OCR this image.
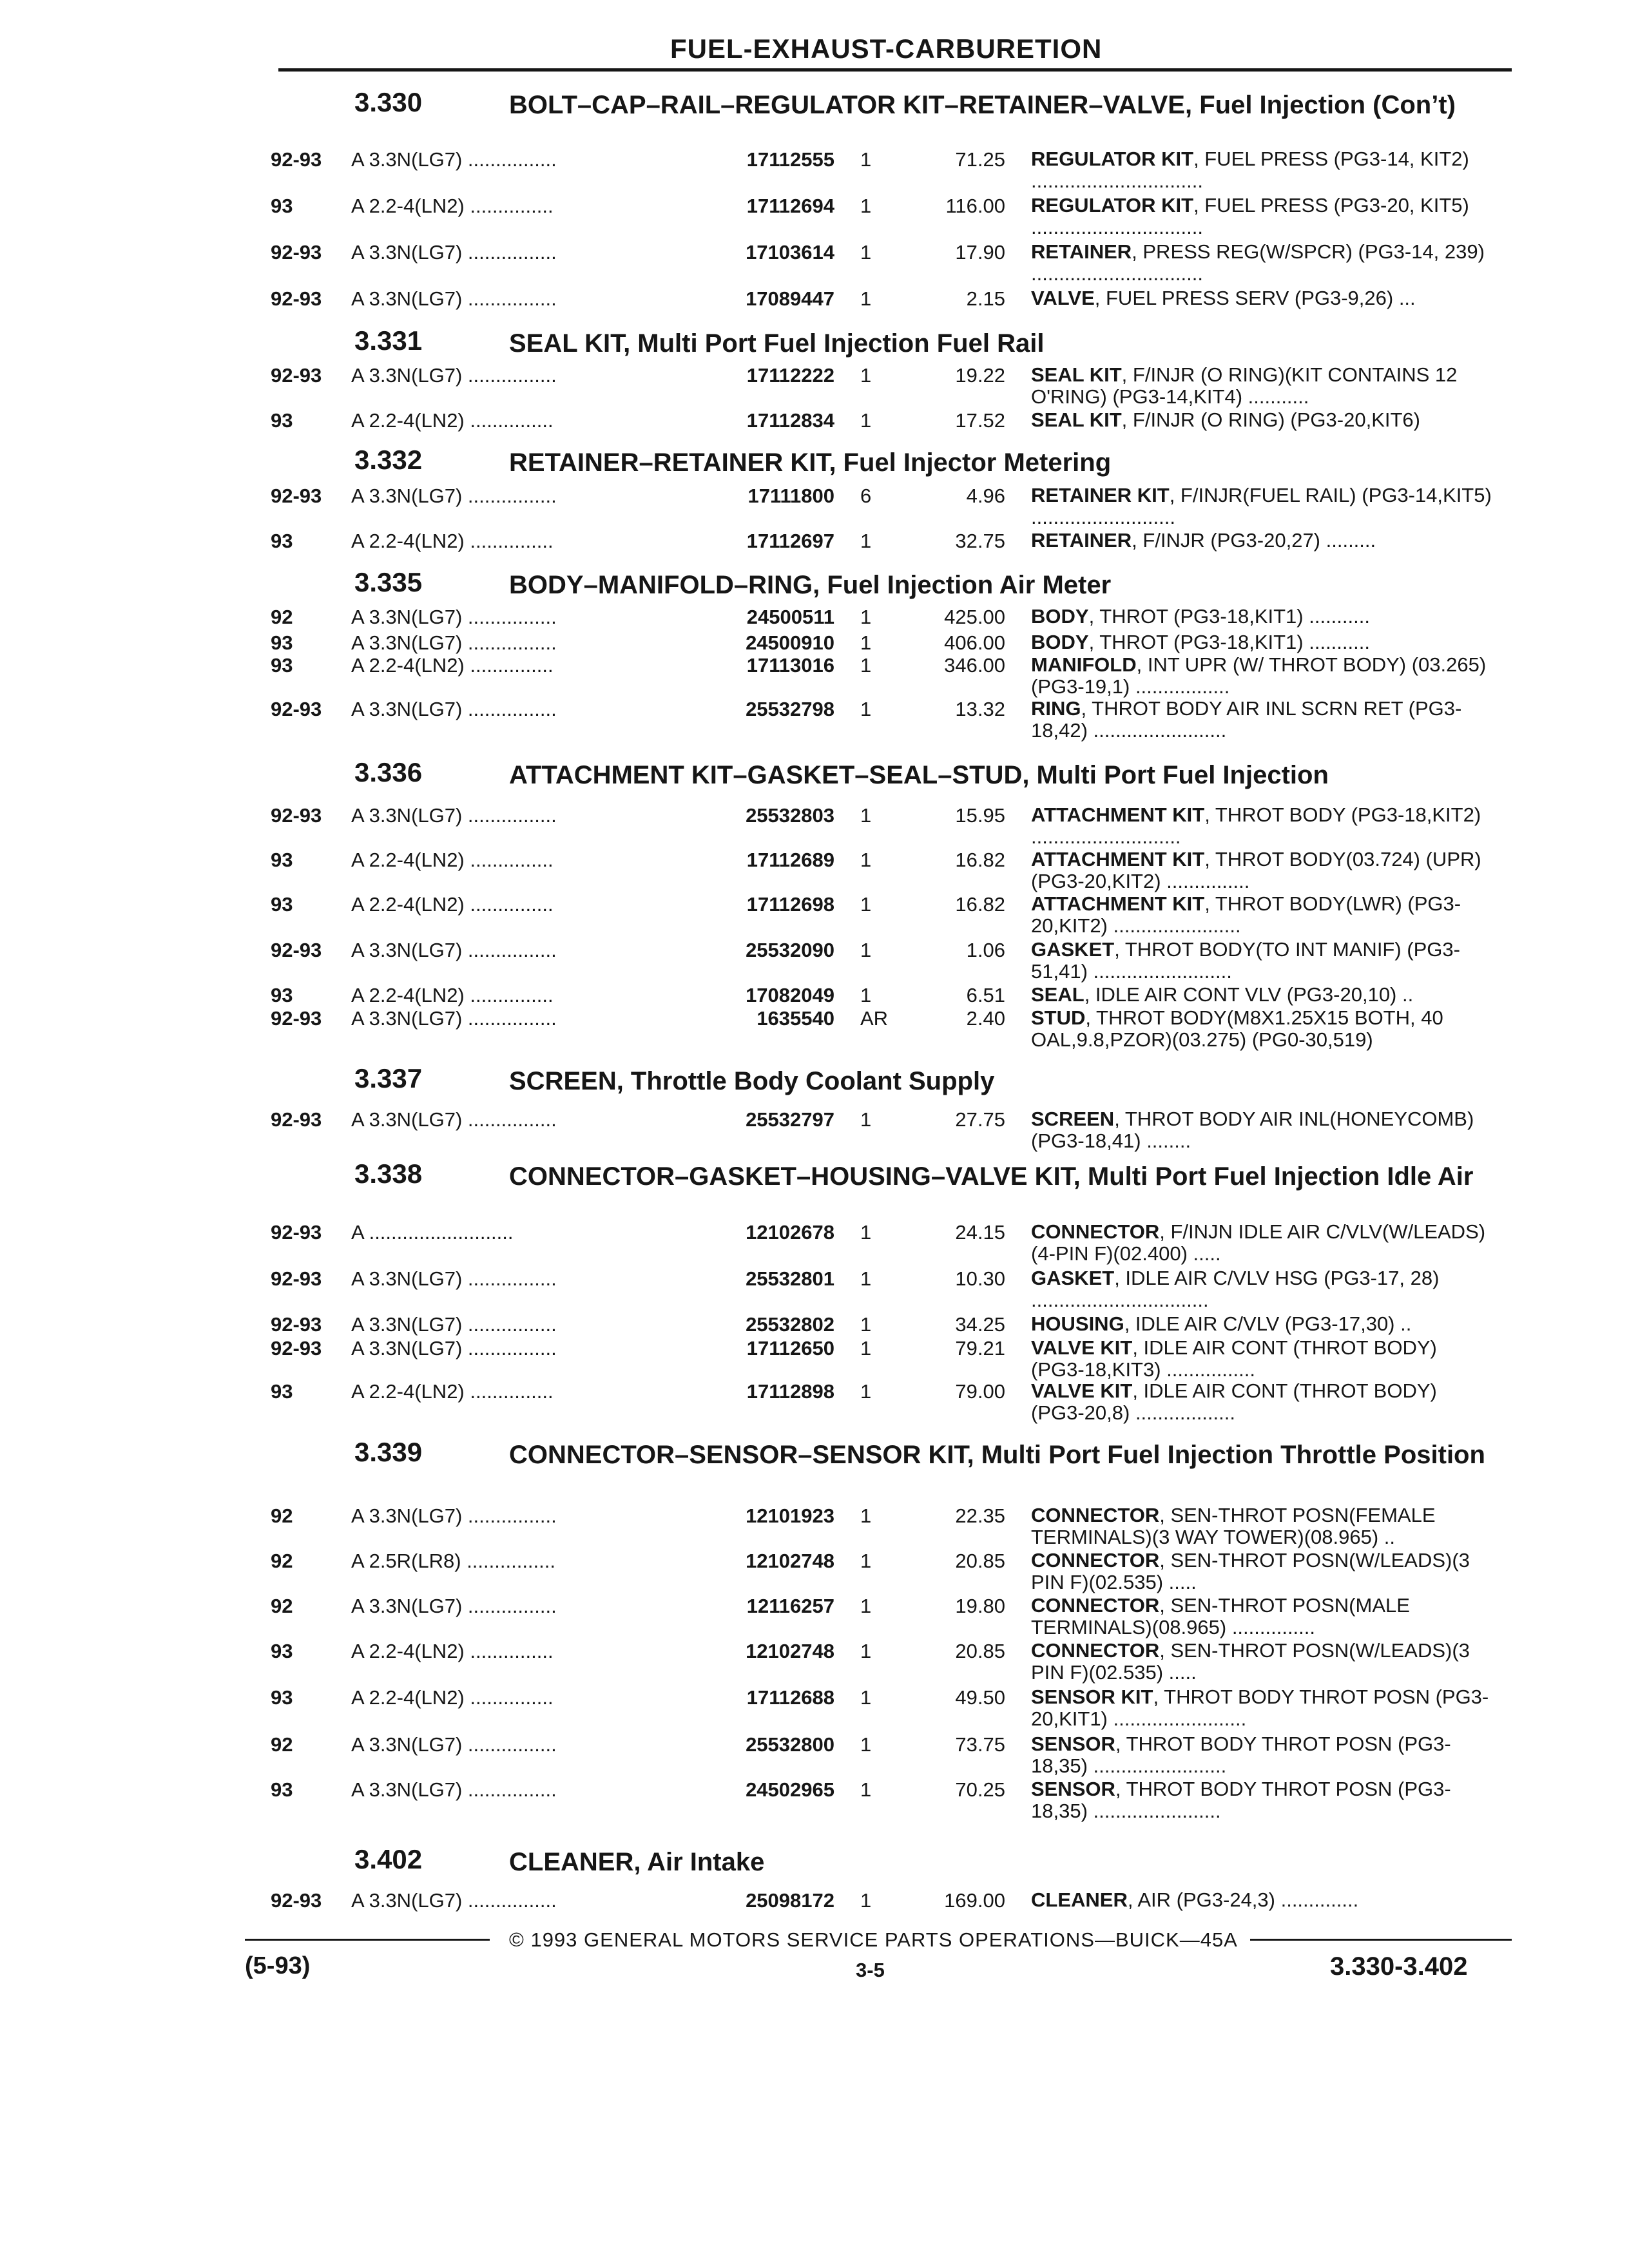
FUEL-EXHAUST-CARBURETION
3.330	BOLT–CAP–RAIL–REGULATOR KIT–RETAINER–VALVE, Fuel Injection (Con’t)
92-93 A 3.3N(LG7) ................	17112555 1	71.25 REGULATOR KIT, FUEL PRESS (PG3-14, KIT2) ...............................
93	A 2.2-4(LN2) ...............	17112694 1	116.00 REGULATOR KIT, FUEL PRESS (PG3-20, KIT5) ...............................
92-93 A 3.3N(LG7) ................	17103614 1	17.90 RETAINER, PRESS REG(W/SPCR) (PG3-14, 239) ...............................
92-93 A 3.3N(LG7) ................	17089447 1	2.15 VALVE, FUEL PRESS SERV (PG3-9,26) ...
3.331	SEAL KIT, Multi Port Fuel Injection Fuel Rail
92-93 A 3.3N(LG7) ................	17112222 1	19.22 SEAL KIT, F/INJR (O RING)(KIT CONTAINS 12 O'RING) (PG3-14,KIT4) ...........
93	A 2.2-4(LN2) ...............	17112834 1	17.52 SEAL KIT, F/INJR (O RING) (PG3-20,KIT6)
3.332	RETAINER–RETAINER KIT, Fuel Injector Metering
92-93 A 3.3N(LG7) ................	17111800 6	4.96 RETAINER KIT, F/INJR(FUEL RAIL) (PG3-14,KIT5) ..........................
93	A 2.2-4(LN2) ...............	17112697 1	32.75 RETAINER, F/INJR (PG3-20,27) .........
3.335	BODY–MANIFOLD–RING, Fuel Injection Air Meter
92	A 3.3N(LG7) ................	24500511 1	425.00 BODY, THROT (PG3-18,KIT1) ...........
93	A 3.3N(LG7) ................	24500910 1	406.00 BODY, THROT (PG3-18,KIT1) ...........
93	A 2.2-4(LN2) ...............	17113016 1	346.00 MANIFOLD, INT UPR (W/ THROT BODY) (03.265) (PG3-19,1) .................
92-93 A 3.3N(LG7) ................	25532798 1	13.32 RING, THROT BODY AIR INL SCRN RET (PG3-18,42) ........................
3.336	ATTACHMENT KIT–GASKET–SEAL–STUD, Multi Port Fuel Injection
92-93 A 3.3N(LG7) ................	25532803 1	15.95 ATTACHMENT KIT, THROT BODY (PG3-18,KIT2) ...........................
93	A 2.2-4(LN2) ...............	17112689 1	16.82 ATTACHMENT KIT, THROT BODY(03.724) (UPR) (PG3-20,KIT2) ...............
93	A 2.2-4(LN2) ...............	17112698 1	16.82 ATTACHMENT KIT, THROT BODY(LWR) (PG3-20,KIT2) .......................
92-93 A 3.3N(LG7) ................	25532090 1	1.06 GASKET, THROT BODY(TO INT MANIF) (PG3-51,41) .........................
93	A 2.2-4(LN2) ...............	17082049 1	6.51 SEAL, IDLE AIR CONT VLV (PG3-20,10) ..
92-93 A 3.3N(LG7) ................	1635540 AR	2.40 STUD, THROT BODY(M8X1.25X15 BOTH, 40 OAL,9.8,PZOR)(03.275) (PG0-30,519)
3.337	SCREEN, Throttle Body Coolant Supply
92-93 A 3.3N(LG7) ................	25532797 1	27.75 SCREEN, THROT BODY AIR INL(HONEYCOMB) (PG3-18,41) ........
3.338	CONNECTOR–GASKET–HOUSING–VALVE KIT, Multi Port Fuel Injection Idle Air
92-93 A ..........................	12102678 1	24.15 CONNECTOR, F/INJN IDLE AIR C/VLV(W/LEADS)(4-PIN F)(02.400) .....
92-93 A 3.3N(LG7) ................	25532801 1	10.30 GASKET, IDLE AIR C/VLV HSG (PG3-17, 28) ................................
92-93 A 3.3N(LG7) ................	25532802 1	34.25 HOUSING, IDLE AIR C/VLV (PG3-17,30) ..
92-93 A 3.3N(LG7) ................	17112650 1	79.21 VALVE KIT, IDLE AIR CONT (THROT BODY) (PG3-18,KIT3) ................
93	A 2.2-4(LN2) ...............	17112898 1	79.00 VALVE KIT, IDLE AIR CONT (THROT BODY) (PG3-20,8) ..................
3.339	CONNECTOR–SENSOR–SENSOR KIT, Multi Port Fuel Injection Throttle Position
92	A 3.3N(LG7) ................	12101923 1	22.35 CONNECTOR, SEN-THROT POSN(FEMALE TERMINALS)(3 WAY TOWER)(08.965) ..
92	A 2.5R(LR8) ................	12102748 1	20.85 CONNECTOR, SEN-THROT POSN(W/LEADS)(3 PIN F)(02.535) .....
92	A 3.3N(LG7) ................	12116257 1	19.80 CONNECTOR, SEN-THROT POSN(MALE TERMINALS)(08.965) ...............
93	A 2.2-4(LN2) ...............	12102748 1	20.85 CONNECTOR, SEN-THROT POSN(W/LEADS)(3 PIN F)(02.535) .....
93	A 2.2-4(LN2) ...............	17112688 1	49.50 SENSOR KIT, THROT BODY THROT POSN (PG3-20,KIT1) ........................
92	A 3.3N(LG7) ................	25532800 1	73.75 SENSOR, THROT BODY THROT POSN (PG3-18,35) ........................
93	A 3.3N(LG7) ................	24502965 1	70.25 SENSOR, THROT BODY THROT POSN (PG3-18,35) .......................
3.402	CLEANER, Air Intake
92-93 A 3.3N(LG7) ................	25098172 1	169.00 CLEANER, AIR (PG3-24,3) ..............
© 1993 GENERAL MOTORS SERVICE PARTS OPERATIONS—BUICK—45A
(5-93)	3-5	3.330-3.402
